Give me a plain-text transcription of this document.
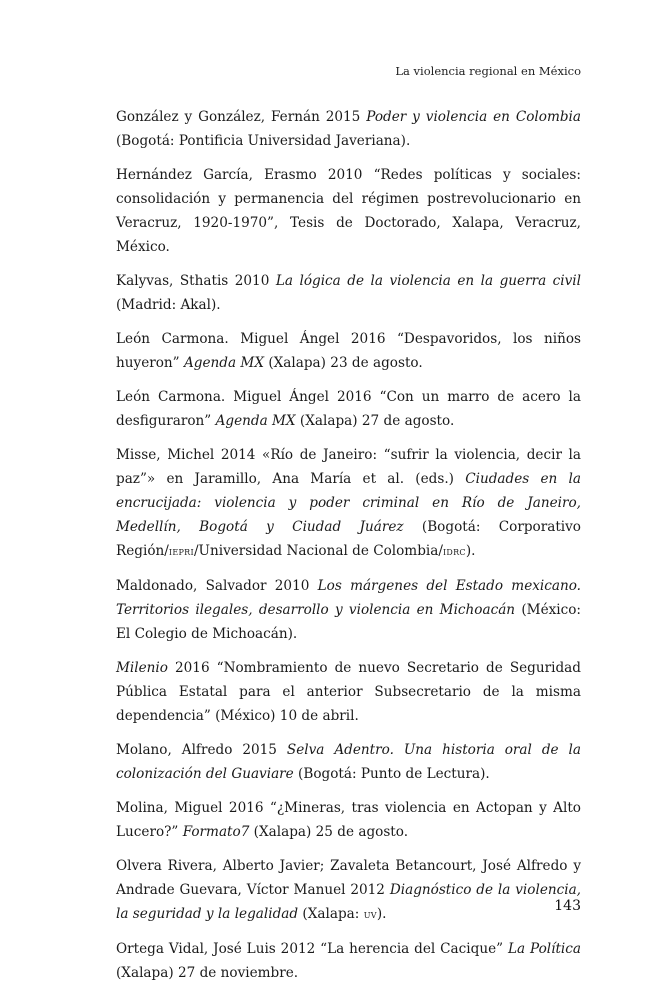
La violencia regional en México

González y González, Fernán 2015 Poder y violencia en Colombia (Bogotá: Pontificia Universidad Javeriana).

Hernández García, Erasmo 2010 “Redes políticas y sociales: consolidación y permanencia del régimen postrevolucionario en Veracruz, 1920-1970”, Tesis de Doctorado, Xalapa, Veracruz, México.

Kalyvas, Sthatis 2010 La lógica de la violencia en la guerra civil (Madrid: Akal).

León Carmona. Miguel Ángel 2016 “Despavoridos, los niños huyeron” Agenda MX (Xalapa) 23 de agosto.

León Carmona. Miguel Ángel 2016 “Con un marro de acero la desfiguraron” Agenda MX (Xalapa) 27 de agosto.

Misse, Michel 2014 «Río de Janeiro: “sufrir la violencia, decir la paz”» en Jaramillo, Ana María et al. (eds.) Ciudades en la encrucijada: violencia y poder criminal en Río de Janeiro, Medellín, Bogotá y Ciudad Juárez (Bogotá: Corporativo Región/iepri/Universidad Nacional de Colombia/idrc).

Maldonado, Salvador 2010 Los márgenes del Estado mexicano. Territorios ilegales, desarrollo y violencia en Michoacán (México: El Colegio de Michoacán).

Milenio 2016 “Nombramiento de nuevo Secretario de Seguridad Pública Estatal para el anterior Subsecretario de la misma dependencia” (México) 10 de abril.

Molano, Alfredo 2015 Selva Adentro. Una historia oral de la colonización del Guaviare (Bogotá: Punto de Lectura).

Molina, Miguel 2016 “¿Mineras, tras violencia en Actopan y Alto Lucero?” Formato7 (Xalapa) 25 de agosto.

Olvera Rivera, Alberto Javier; Zavaleta Betancourt, José Alfredo y Andrade Guevara, Víctor Manuel 2012 Diagnóstico de la violencia, la seguridad y la legalidad (Xalapa: uv).

Ortega Vidal, José Luis 2012 “La herencia del Cacique” La Política (Xalapa) 27 de noviembre.

143
